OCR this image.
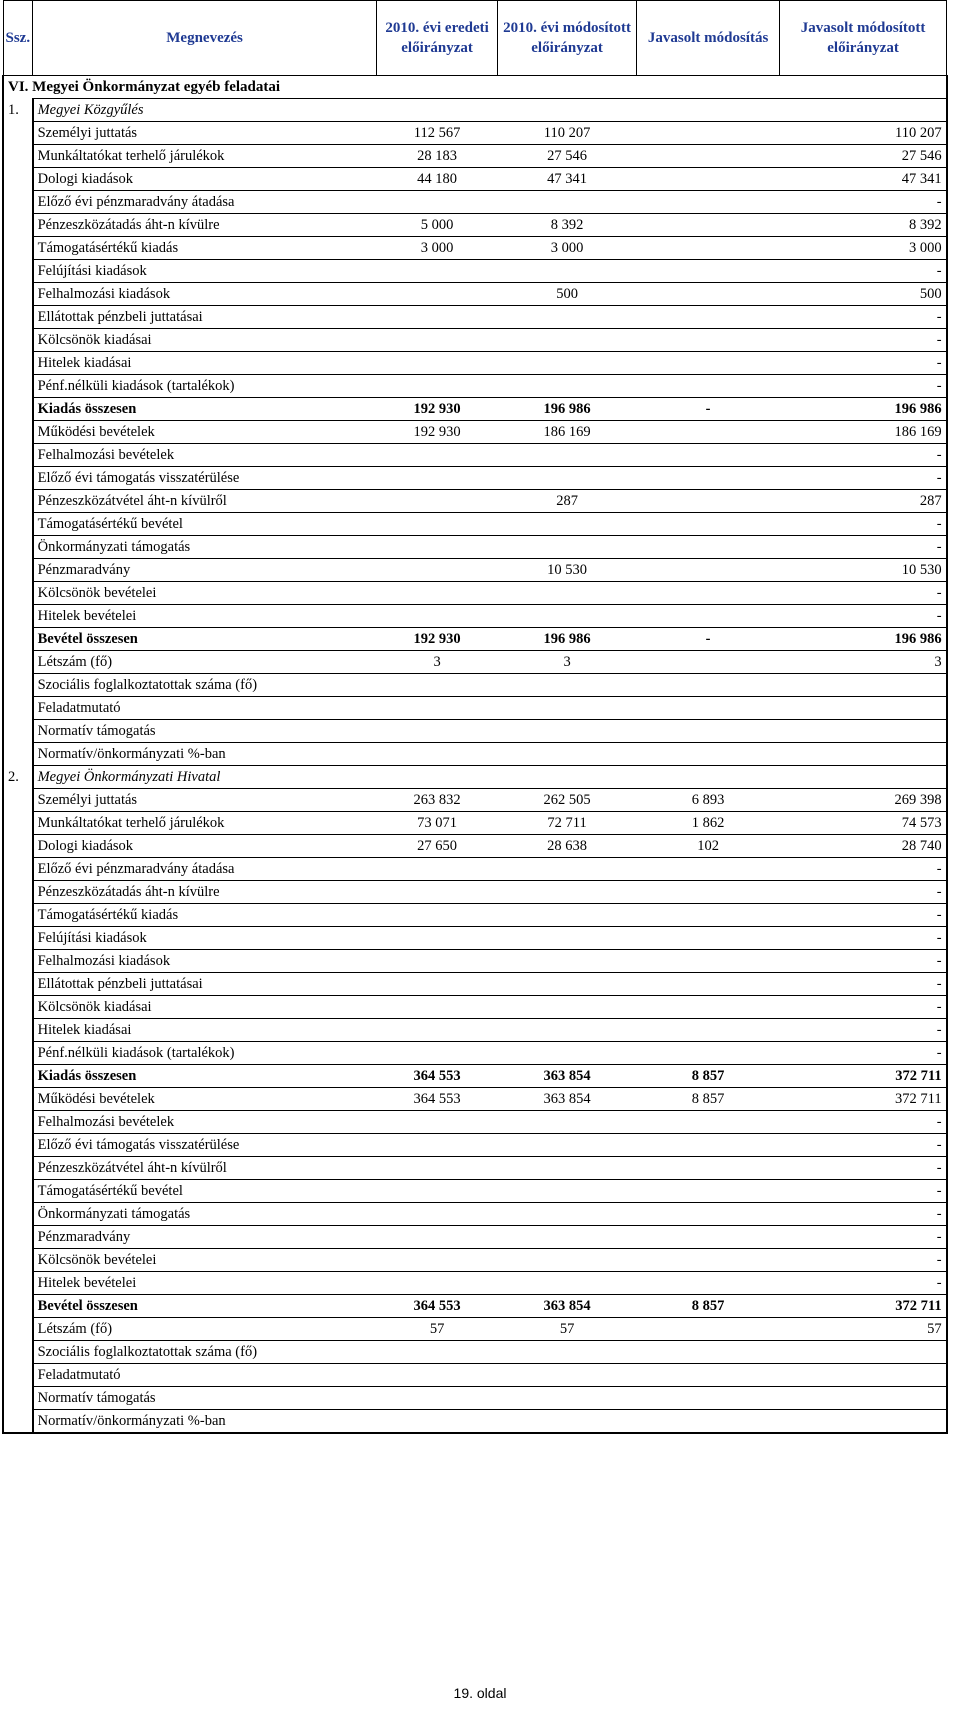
Ssz.	Megnevezés	2010. évi eredeti előirányzat	2010. évi módosított előirányzat	Javasolt módosítás	Javasolt módosított előirányzat
VI. Megyei Önkormányzat egyéb feladatai					
1.	Megyei Közgyűlés				
	Személyi juttatás	112 567	110 207		110 207
	Munkáltatókat terhelő járulékok	28 183	27 546		27 546
	Dologi kiadások	44 180	47 341		47 341
	Előző évi pénzmaradvány átadása				-
	Pénzeszközátadás áht-n kívülre	5 000	8 392		8 392
	Támogatásértékű kiadás	3 000	3 000		3 000
	Felújítási kiadások				-
	Felhalmozási kiadások		500		500
	Ellátottak pénzbeli juttatásai				-
	Kölcsönök kiadásai				-
	Hitelek kiadásai				-
	Pénf.nélküli kiadások (tartalékok)				-
	Kiadás összesen	192 930	196 986	-	196 986
	Működési bevételek	192 930	186 169		186 169
	Felhalmozási bevételek				-
	Előző évi támogatás visszatérülése				-
	Pénzeszközátvétel áht-n kívülről		287		287
	Támogatásértékű bevétel				-
	Önkormányzati támogatás				-
	Pénzmaradvány		10 530		10 530
	Kölcsönök bevételei				-
	Hitelek bevételei				-
	Bevétel összesen	192 930	196 986	-	196 986
	Létszám (fő)	3	3		3
	Szociális foglalkoztatottak száma (fő)				
	Feladatmutató				
	Normatív támogatás				
	Normatív/önkormányzati %-ban				
2.	Megyei Önkormányzati Hivatal				
	Személyi juttatás	263 832	262 505	6 893	269 398
	Munkáltatókat terhelő járulékok	73 071	72 711	1 862	74 573
	Dologi kiadások	27 650	28 638	102	28 740
	Előző évi pénzmaradvány átadása				-
	Pénzeszközátadás áht-n kívülre				-
	Támogatásértékű kiadás				-
	Felújítási kiadások				-
	Felhalmozási kiadások				-
	Ellátottak pénzbeli juttatásai				-
	Kölcsönök kiadásai				-
	Hitelek kiadásai				-
	Pénf.nélküli kiadások (tartalékok)				-
	Kiadás összesen	364 553	363 854	8 857	372 711
	Működési bevételek	364 553	363 854	8 857	372 711
	Felhalmozási bevételek				-
	Előző évi támogatás visszatérülése				-
	Pénzeszközátvétel áht-n kívülről				-
	Támogatásértékű bevétel				-
	Önkormányzati támogatás				-
	Pénzmaradvány				-
	Kölcsönök bevételei				-
	Hitelek bevételei				-
	Bevétel összesen	364 553	363 854	8 857	372 711
	Létszám (fő)	57	57		57
	Szociális foglalkoztatottak száma (fő)				
	Feladatmutató				
	Normatív támogatás				
	Normatív/önkormányzati %-ban				
19. oldal
